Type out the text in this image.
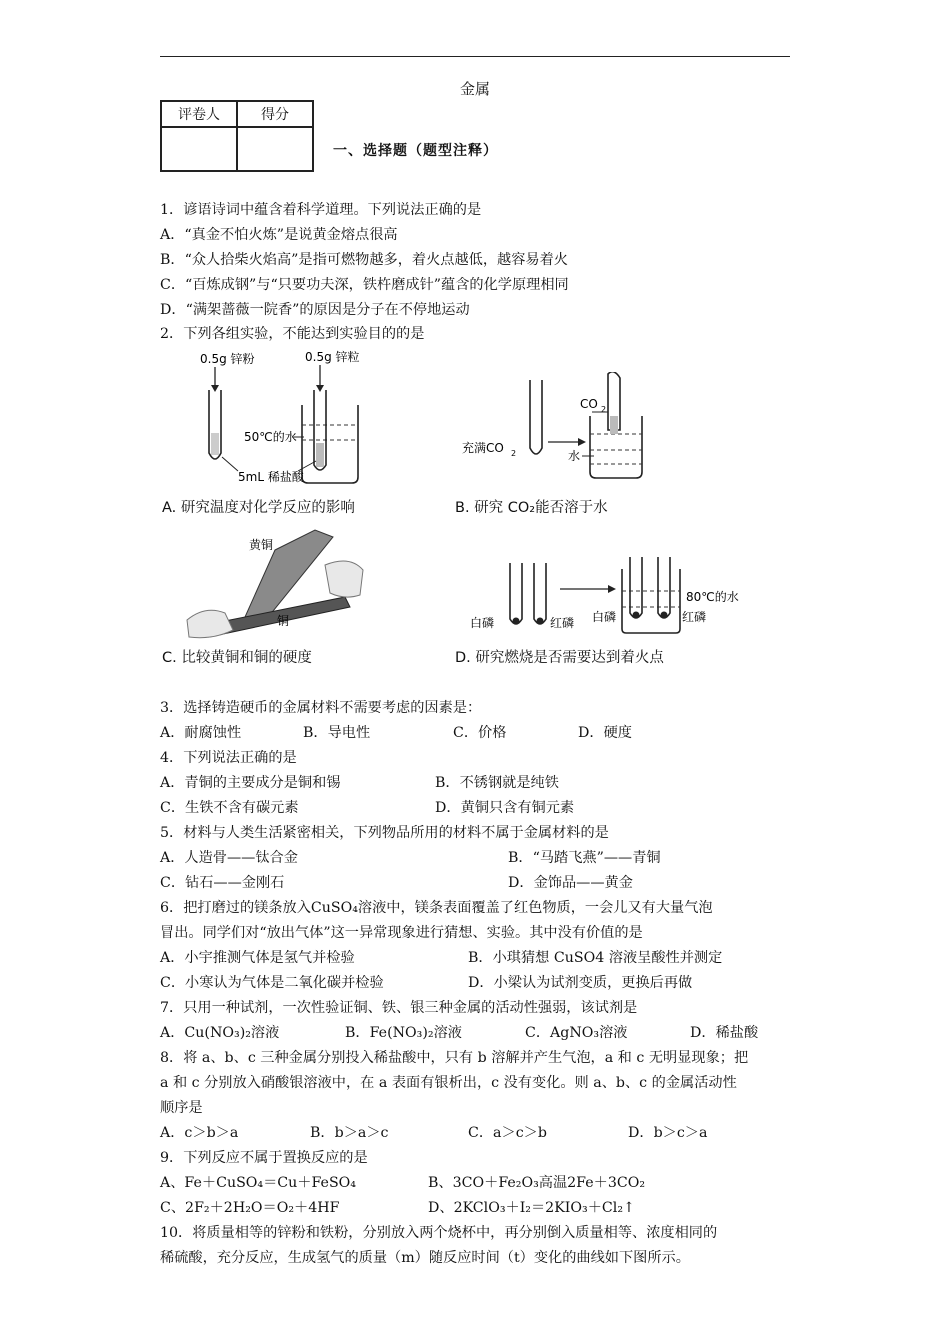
金属
评卷人	得分

一、选择题（题型注释）
1．谚语诗词中蕴含着科学道理。下列说法正确的是
A．“真金不怕火炼”是说黄金熔点很高
B．“众人拾柴火焰高”是指可燃物越多，着火点越低，越容易着火
C．“百炼成钢”与“只要功夫深，铁杵磨成针”蕴含的化学原理相同
D．“满架蔷薇一院香”的原因是分子在不停地运动
2．下列各组实验，不能达到实验目的的是
0.5g 锌粉	0.5g 锌粒
50℃的水
5mL 稀盐酸
A. 研究温度对化学反应的影响
CO 2
充满CO 2	水
B. 研究 CO₂能否溶于水
黄铜
铜
C. 比较黄铜和铜的硬度
白磷	红磷 白磷	红磷
80℃的水
D. 研究燃烧是否需要达到着火点
3．选择铸造硬币的金属材料不需要考虑的因素是：
A．耐腐蚀性	B．导电性	C．价格	D．硬度
4．下列说法正确的是
A．青铜的主要成分是铜和锡	B．不锈钢就是纯铁
C．生铁不含有碳元素	D．黄铜只含有铜元素
5．材料与人类生活紧密相关，下列物品所用的材料不属于金属材料的是
A．人造骨——钛合金	B．“马踏飞燕”——青铜
C．钻石——金刚石	D．金饰品——黄金
6．把打磨过的镁条放入CuSO₄溶液中，镁条表面覆盖了红色物质，一会儿又有大量气泡
冒出。同学们对“放出气体”这一异常现象进行猜想、实验。其中没有价值的是
A．小宇推测气体是氢气并检验	B．小琪猜想 CuSO4 溶液呈酸性并测定
C．小寒认为气体是二氧化碳并检验	D．小梁认为试剂变质，更换后再做
7．只用一种试剂，一次性验证铜、铁、银三种金属的活动性强弱，该试剂是
A．Cu(NO₃)₂溶液	B．Fe(NO₃)₂溶液	C．AgNO₃溶液	D．稀盐酸
8．将 a、b、c 三种金属分别投入稀盐酸中，只有 b 溶解并产生气泡，a 和 c 无明显现象；把
a 和 c 分别放入硝酸银溶液中，在 a 表面有银析出，c 没有变化。则 a、b、c 的金属活动性
顺序是
A．c＞b＞a	B．b＞a＞c	C．a＞c＞b	D．b＞c＞a
9．下列反应不属于置换反应的是
A、Fe＋CuSO₄＝Cu＋FeSO₄	B、3CO＋Fe₂O₃高温2Fe＋3CO₂
C、2F₂＋2H₂O＝O₂＋4HF	D、2KClO₃＋I₂＝2KIO₃＋Cl₂↑
10．将质量相等的锌粉和铁粉，分别放入两个烧杯中，再分别倒入质量相等、浓度相同的
稀硫酸，充分反应，生成氢气的质量（m）随反应时间（t）变化的曲线如下图所示。
